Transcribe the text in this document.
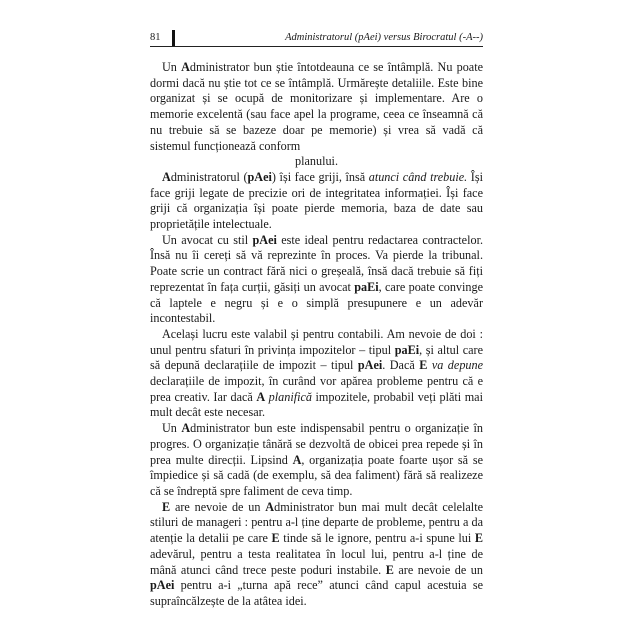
81	Administratorul (pAei) versus Birocratul (-A--)

Un Administrator bun știe întotdeauna ce se întâmplă. Nu poate dormi dacă nu știe tot ce se întâmplă. Urmărește detaliile. Este bine organizat și se ocupă de monitorizare și implementare. Are o memorie excelentă (sau face apel la programe, ceea ce înseamnă că nu trebuie să se bazeze doar pe memorie) și vrea să vadă că sistemul funcționează conform

planului.

Administratorul (pAei) își face griji, însă atunci când trebuie. Își face griji legate de precizie ori de integritatea informației. Își face griji că organizația își poate pierde memoria, baza de date sau proprietățile intelectuale.

Un avocat cu stil pAei este ideal pentru redactarea contractelor. Însă nu îi cereți să vă reprezinte în proces. Va pierde la tribunal. Poate scrie un contract fără nici o greșeală, însă dacă trebuie să fiți reprezentat în fața curții, găsiți un avocat paEi, care poate convinge că laptele e negru și e o simplă presupunere e un adevăr incontestabil.

Același lucru este valabil și pentru contabili. Am nevoie de doi : unul pentru sfaturi în privința impozitelor – tipul paEi, și altul care să depună declarațiile de impozit – tipul pAei. Dacă E va depune declarațiile de impozit, în curând vor apărea probleme pentru că e prea creativ. Iar dacă A planifică impozitele, probabil veți plăti mai mult decât este necesar.

Un Administrator bun este indispensabil pentru o organizație în progres. O organizație tânără se dezvoltă de obicei prea repede și în prea multe direcții. Lipsind A, organizația poate foarte ușor să se împiedice și să cadă (de exemplu, să dea faliment) fără să realizeze că se îndreptă spre faliment de ceva timp.

E are nevoie de un Administrator bun mai mult decât celelalte stiluri de manageri : pentru a-l ține departe de probleme, pentru a da atenție la detalii pe care E tinde să le ignore, pentru a-i spune lui E adevărul, pentru a testa realitatea în locul lui, pentru a-l ține de mână atunci când trece peste poduri instabile. E are nevoie de un pAei pentru a-i „turna apă rece” atunci când capul acestuia se supraîncălzește de la atâtea idei.
